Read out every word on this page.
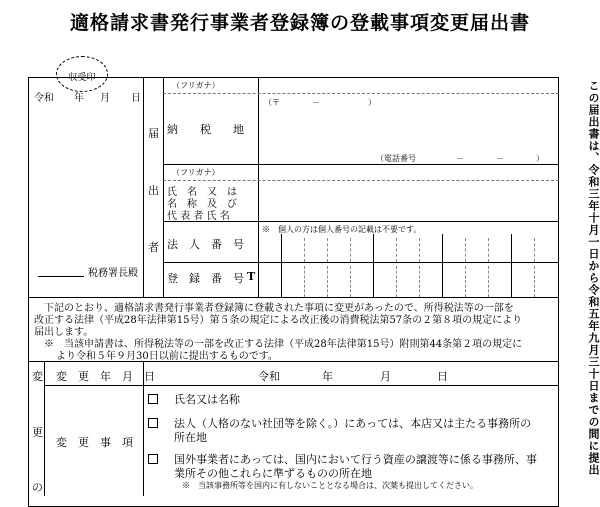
適格請求書発行事業者登録簿の登載事項変更届出書
収受印
令和 年 月 日
税務署長殿
届
出
者
（フリガナ）
納　　税　　地
（〒　　　　－　　　　　　）
（電話番号　　　　　－　　　　－　　　　）
（フリガナ）
氏　名　又　は
名　称　及　び
代 表 者 氏 名
※　個人の方は個人番号の記載は不要です。
法　人　番　号
登　録　番　号 T
下記のとおり、適格請求書発行事業者登録簿に登載された事項に変更があったので、所得税法等の一部を
改正する法律（平成28年法律第15号）第５条の規定による改正後の消費税法第57条の２第８項の規定により
届出します。
※　当該申請書は、所得税法等の一部を改正する法律（平成28年法律第15号）附則第44条第２項の規定に
より令和５年９月30日以前に提出するものです。
変
更
の
変　更　年　月　日	令和	年	月	日
変　更　事　項
氏名又は名称
法人（人格のない社団等を除く。）にあっては、本店又は主たる事務所の
所在地
国外事業者にあっては、国内において行う資産の譲渡等に係る事務所、事
業所その他これらに準ずるものの所在地
※　当該事務所等を国内に有しないこととなる場合は、次葉も提出してください。
この届出書は、令和三年十月一日から令和五年九月三十日までの間に提出
